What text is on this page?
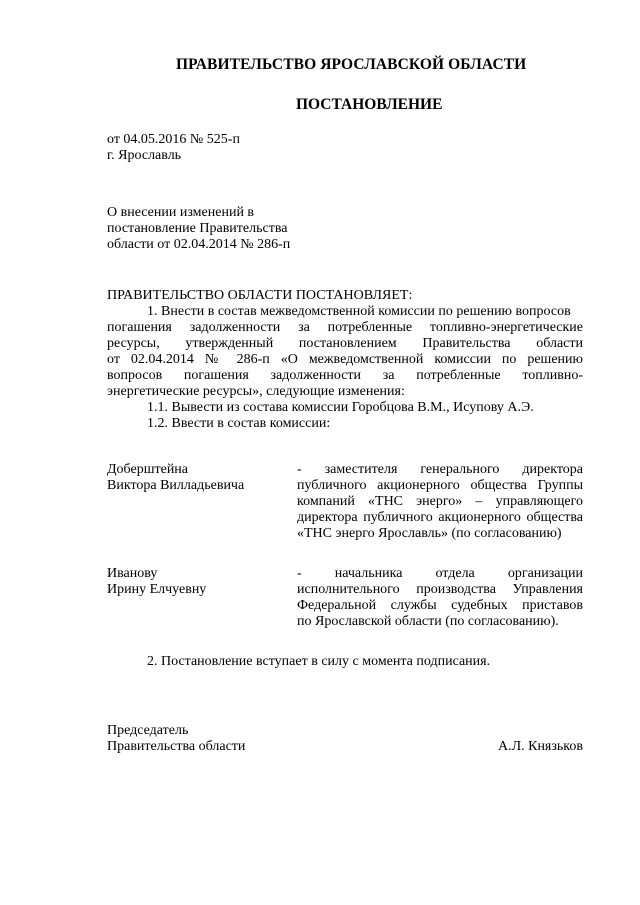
ПРАВИТЕЛЬСТВО ЯРОСЛАВСКОЙ ОБЛАСТИ
ПОСТАНОВЛЕНИЕ
от 04.05.2016 № 525-п
г. Ярославль
О внесении изменений в
постановление Правительства
области от 02.04.2014 № 286-п
ПРАВИТЕЛЬСТВО ОБЛАСТИ ПОСТАНОВЛЯЕТ:
1. Внести в состав межведомственной комиссии по решению вопросов
погашения задолженности за потребленные топливно-энергетические
ресурсы, утвержденный постановлением Правительства области
от 02.04.2014 № 286-п «О межведомственной комиссии по решению
вопросов погашения задолженности за потребленные топливно-
энергетические ресурсы», следующие изменения:
1.1. Вывести из состава комиссии Горобцова В.М., Исупову А.Э.
1.2. Ввести в состав комиссии:
Доберштейна
Виктора Вилладьевича
- заместителя генерального директора
публичного акционерного общества Группы
компаний «ТНС энерго» – управляющего
директора публичного акционерного общества
«ТНС энерго Ярославль» (по согласованию)
Иванову
Ирину Елчуевну
- начальника отдела организации
исполнительного производства Управления
Федеральной службы судебных приставов
по Ярославской области (по согласованию).
2. Постановление вступает в силу с момента подписания.
Председатель
Правительства области	А.Л. Князьков
